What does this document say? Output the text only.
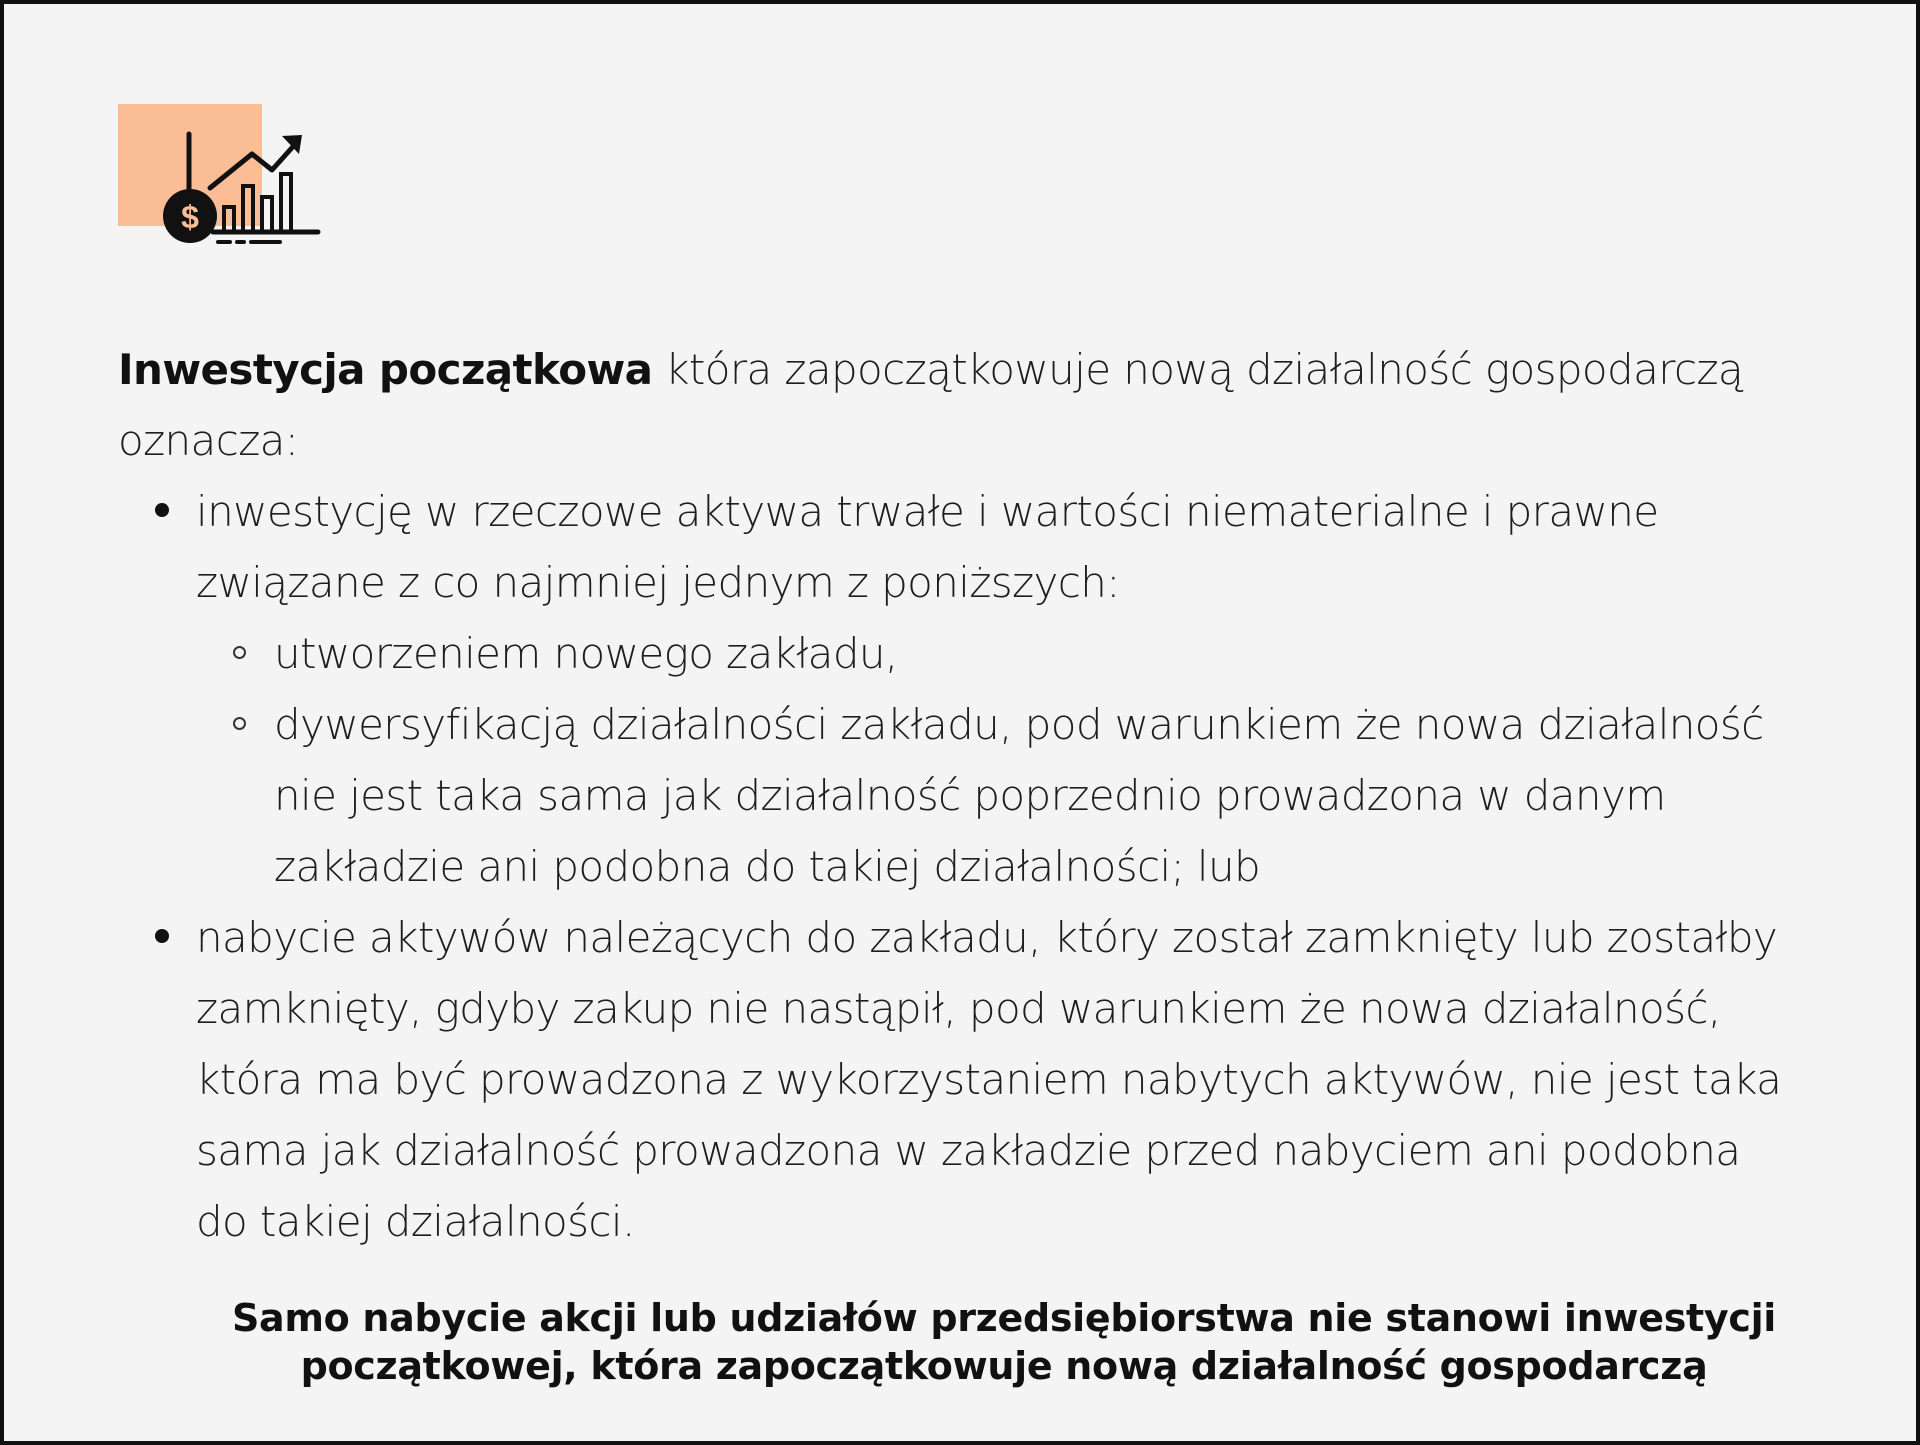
$

Inwestycja początkowa która zapoczątkowuje nową działalność gospodarczą oznacza:

inwestycję w rzeczowe aktywa trwałe i wartości niematerialne i prawne związane z co najmniej jednym z poniższych:
utworzeniem nowego zakładu,
dywersyfikacją działalności zakładu, pod warunkiem że nowa działalność nie jest taka sama jak działalność poprzednio prowadzona w danym zakładzie ani podobna do takiej działalności; lub
nabycie aktywów należących do zakładu, który został zamknięty lub zostałby zamknięty, gdyby zakup nie nastąpił, pod warunkiem że nowa działalność, która ma być prowadzona z wykorzystaniem nabytych aktywów, nie jest taka sama jak działalność prowadzona w zakładzie przed nabyciem ani podobna do takiej działalności.
Samo nabycie akcji lub udziałów przedsiębiorstwa nie stanowi inwestycji
początkowej, która zapoczątkowuje nową działalność gospodarczą
